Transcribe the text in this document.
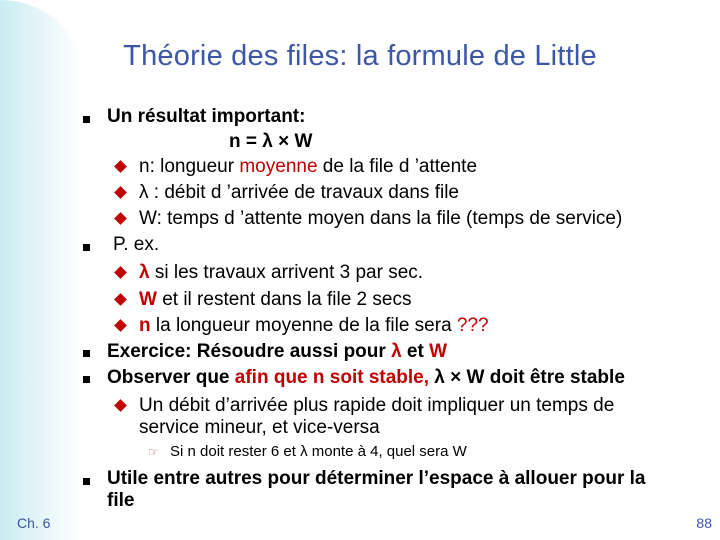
Théorie des files: la formule de Little
Un résultat important:
n = λ × W
n: longueur moyenne de la file d ’attente
λ : débit d ’arrivée de travaux dans file
W: temps d ’attente moyen dans la file (temps de service)
P. ex.
λ si les travaux arrivent 3 par sec.
W et il restent dans la file 2 secs
n la longueur moyenne de la file sera ???
Exercice: Résoudre aussi pour λ et W
Observer que afin que n soit stable, λ × W doit être stable
Un débit d’arrivée plus rapide doit impliquer un temps de
service mineur, et vice-versa
☞ Si n doit rester 6 et λ monte à 4, quel sera W
Utile entre autres pour déterminer l’espace à allouer pour la
file
Ch. 6	88
